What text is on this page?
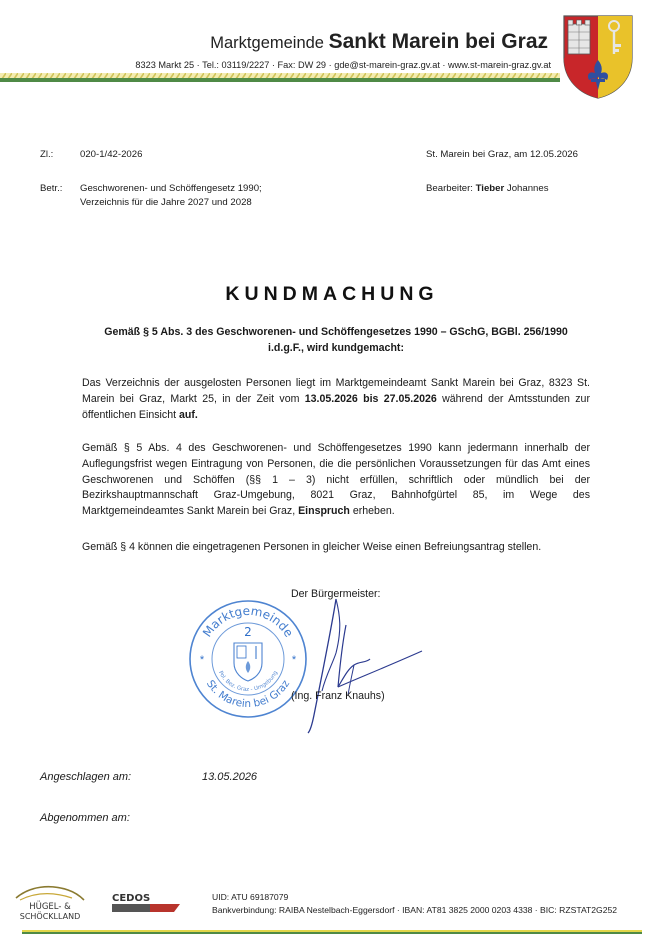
Marktgemeinde Sankt Marein bei Graz
8323 Markt 25 · Tel.: 03119/2227 · Fax: DW 29 · gde@st-marein-graz.gv.at · www.st-marein-graz.gv.at
Zl.:	020-1/42-2026	St. Marein bei Graz, am 12.05.2026
Betr.: Geschworenen- und Schöffengesetz 1990;
Verzeichnis für die Jahre 2027 und 2028
Bearbeiter: Tieber Johannes
KUNDMACHUNG
Gemäß § 5 Abs. 3 des Geschworenen- und Schöffengesetzes 1990 – GSchG, BGBl. 256/1990
i.d.g.F., wird kundgemacht:
Das Verzeichnis der ausgelosten Personen liegt im Marktgemeindeamt Sankt Marein bei Graz, 8323 St. Marein bei Graz, Markt 25, in der Zeit vom 13.05.2026 bis 27.05.2026 während der Amtsstunden zur öffentlichen Einsicht auf.
Gemäß § 5 Abs. 4 des Geschworenen- und Schöffengesetzes 1990 kann jedermann innerhalb der Auflegungsfrist wegen Eintragung von Personen, die die persönlichen Voraussetzungen für das Amt eines Geschworenen und Schöffen (§§ 1 – 3) nicht erfüllen, schriftlich oder mündlich bei der Bezirkshauptmannschaft Graz-Umgebung, 8021 Graz, Bahnhofgürtel 85, im Wege des Marktgemeindeamtes Sankt Marein bei Graz, Einspruch erheben.
Gemäß § 4 können die eingetragenen Personen in gleicher Weise einen Befreiungsantrag stellen.
Der Bürgermeister:
Marktgemeinde
St. Marein bei Graz
Pol. Bez. Graz - Umgebung
2
*	*
(Ing. Franz Knauhs)
Angeschlagen am:	13.05.2026
Abgenommen am:
HÜGEL- &
SCHÖCKLLAND
CEDOS	UID: ATU 69187079
Bankverbindung: RAIBA Nestelbach-Eggersdorf · IBAN: AT81 3825 2000 0203 4338 · BIC: RZSTAT2G252
